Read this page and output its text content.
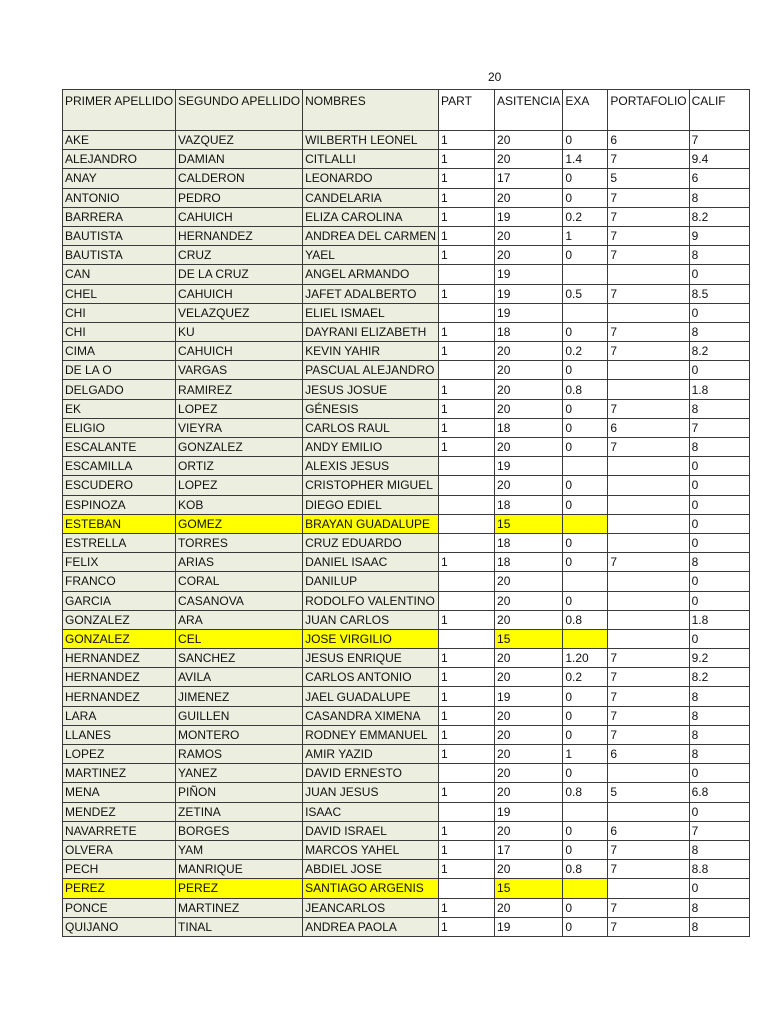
20
PRIMER APELLIDO	SEGUNDO APELLIDO	NOMBRES	PART	ASITENCIA	EXA	PORTAFOLIO	CALIF
AKE	VAZQUEZ	WILBERTH LEONEL	1	20	0	6	7
ALEJANDRO	DAMIAN	CITLALLI	1	20	1.4	7	9.4
ANAY	CALDERON	LEONARDO	1	17	0	5	6
ANTONIO	PEDRO	CANDELARIA	1	20	0	7	8
BARRERA	CAHUICH	ELIZA CAROLINA	1	19	0.2	7	8.2
BAUTISTA	HERNANDEZ	ANDREA DEL CARMEN	1	20	1	7	9
BAUTISTA	CRUZ	YAEL	1	20	0	7	8
CAN	DE LA CRUZ	ANGEL ARMANDO		19			0
CHEL	CAHUICH	JAFET ADALBERTO	1	19	0.5	7	8.5
CHI	VELAZQUEZ	ELIEL ISMAEL		19			0
CHI	KU	DAYRANI ELIZABETH	1	18	0	7	8
CIMA	CAHUICH	KEVIN YAHIR	1	20	0.2	7	8.2
DE LA O	VARGAS	PASCUAL ALEJANDRO		20	0		0
DELGADO	RAMIREZ	JESUS JOSUE	1	20	0.8		1.8
EK	LOPEZ	GÉNESIS	1	20	0	7	8
ELIGIO	VIEYRA	CARLOS RAUL	1	18	0	6	7
ESCALANTE	GONZALEZ	ANDY EMILIO	1	20	0	7	8
ESCAMILLA	ORTIZ	ALEXIS JESUS		19			0
ESCUDERO	LOPEZ	CRISTOPHER MIGUEL		20	0		0
ESPINOZA	KOB	DIEGO EDIEL		18	0		0
ESTEBAN	GOMEZ	BRAYAN GUADALUPE		15			0
ESTRELLA	TORRES	CRUZ EDUARDO		18	0		0
FELIX	ARIAS	DANIEL ISAAC	1	18	0	7	8
FRANCO	CORAL	DANILUP		20			0
GARCIA	CASANOVA	RODOLFO VALENTINO		20	0		0
GONZALEZ	ARA	JUAN CARLOS	1	20	0.8		1.8
GONZALEZ	CEL	JOSE VIRGILIO		15			0
HERNANDEZ	SANCHEZ	JESUS ENRIQUE	1	20	1.20	7	9.2
HERNANDEZ	AVILA	CARLOS ANTONIO	1	20	0.2	7	8.2
HERNANDEZ	JIMENEZ	JAEL GUADALUPE	1	19	0	7	8
LARA	GUILLEN	CASANDRA XIMENA	1	20	0	7	8
LLANES	MONTERO	RODNEY EMMANUEL	1	20	0	7	8
LOPEZ	RAMOS	AMIR YAZID	1	20	1	6	8
MARTINEZ	YANEZ	DAVID ERNESTO		20	0		0
MENA	PIÑON	JUAN JESUS	1	20	0.8	5	6.8
MENDEZ	ZETINA	ISAAC		19			0
NAVARRETE	BORGES	DAVID ISRAEL	1	20	0	6	7
OLVERA	YAM	MARCOS YAHEL	1	17	0	7	8
PECH	MANRIQUE	ABDIEL JOSE	1	20	0.8	7	8.8
PEREZ	PEREZ	SANTIAGO ARGENIS		15			0
PONCE	MARTINEZ	JEANCARLOS	1	20	0	7	8
QUIJANO	TINAL	ANDREA PAOLA	1	19	0	7	8
